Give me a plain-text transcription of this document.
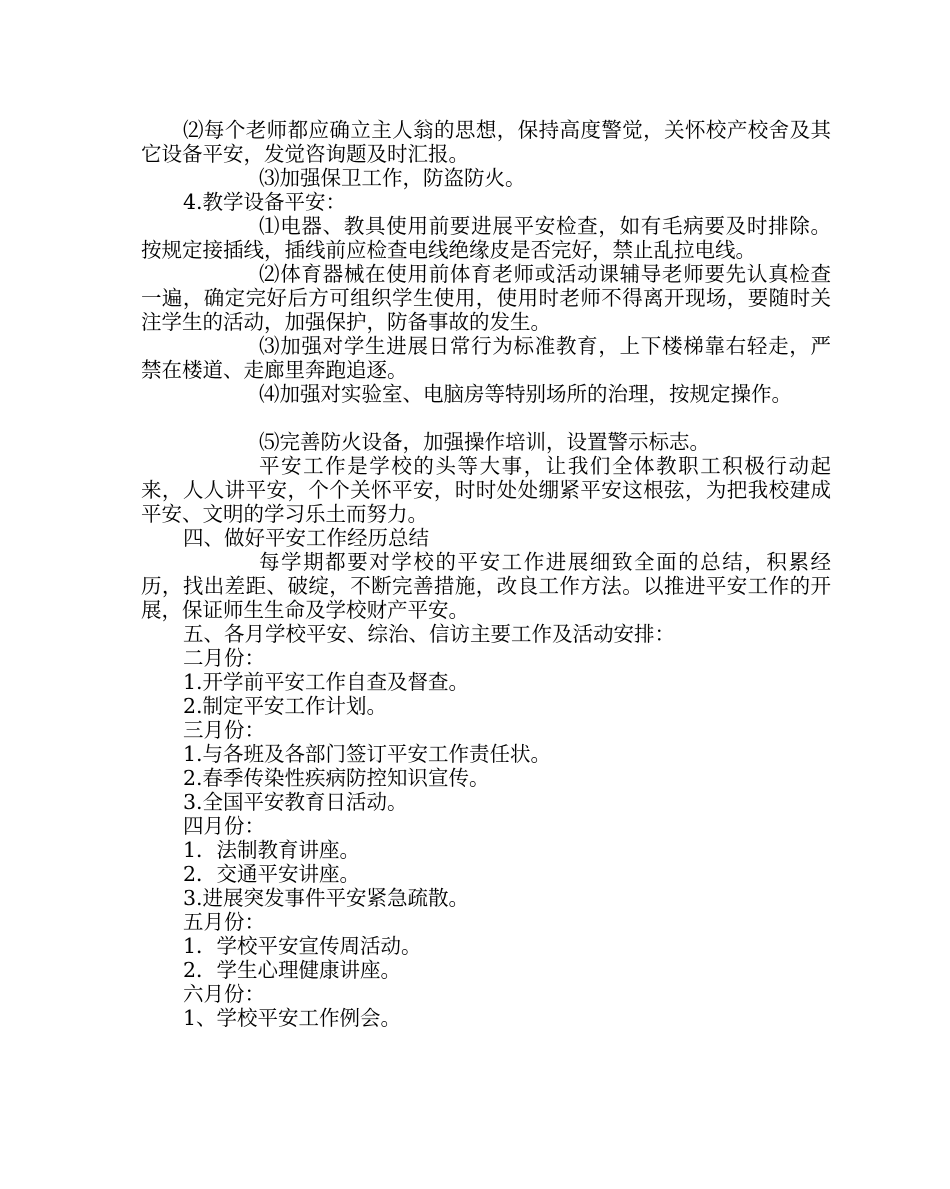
⑵每个老师都应确立主人翁的思想，保持高度警觉，关怀校产校舍及其它设备平安，发觉咨询题及时汇报。

⑶加强保卫工作，防盗防火。

4.教学设备平安：

⑴电器、教具使用前要进展平安检查，如有毛病要及时排除。按规定接插线，插线前应检查电线绝缘皮是否完好，禁止乱拉电线。

⑵体育器械在使用前体育老师或活动课辅导老师要先认真检查一遍，确定完好后方可组织学生使用，使用时老师不得离开现场，要随时关注学生的活动，加强保护，防备事故的发生。

⑶加强对学生进展日常行为标准教育，上下楼梯靠右轻走，严禁在楼道、走廊里奔跑追逐。

⑷加强对实验室、电脑房等特别场所的治理，按规定操作。

⑸完善防火设备，加强操作培训，设置警示标志。

平安工作是学校的头等大事，让我们全体教职工积极行动起来，人人讲平安，个个关怀平安，时时处处绷紧平安这根弦，为把我校建成平安、文明的学习乐土而努力。

四、做好平安工作经历总结

每学期都要对学校的平安工作进展细致全面的总结，积累经历，找出差距、破绽，不断完善措施，改良工作方法。以推进平安工作的开展，保证师生生命及学校财产平安。

五、各月学校平安、综治、信访主要工作及活动安排：

二月份：

1.开学前平安工作自查及督查。

2.制定平安工作计划。

三月份：

1.与各班及各部门签订平安工作责任状。

2.春季传染性疾病防控知识宣传。

3.全国平安教育日活动。

四月份：

1．法制教育讲座。

2．交通平安讲座。

3.进展突发事件平安紧急疏散。

五月份：

1．学校平安宣传周活动。

2．学生心理健康讲座。

六月份：

1、学校平安工作例会。
